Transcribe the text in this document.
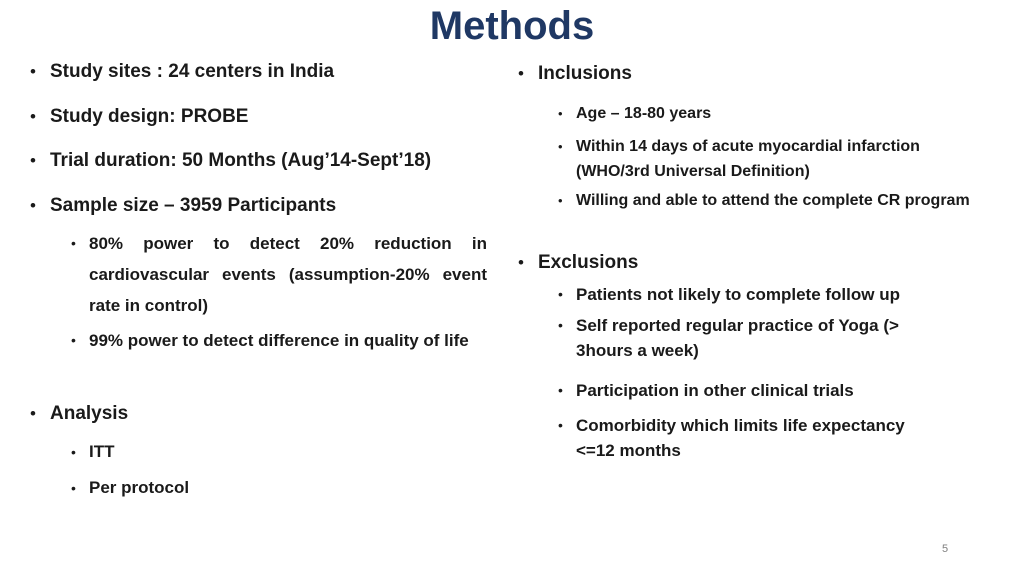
Methods
• Study sites : 24 centers in India
• Study design: PROBE
• Trial duration: 50 Months (Aug’14-Sept’18)
• Sample size – 3959 Participants
• 80% power to detect 20% reduction in cardiovascular events (assumption-20% event rate in control)
• 99% power to detect difference in quality of life
• Analysis
• ITT
• Per protocol
• Inclusions
• Age – 18-80 years
• Within 14 days of acute myocardial infarction (WHO/3rd Universal Definition)
• Willing and able to attend the complete CR program
• Exclusions
• Patients not likely to complete follow up
• Self reported regular practice of Yoga (> 3hours a week)
• Participation in other clinical trials
• Comorbidity which limits life expectancy <=12 months
5
